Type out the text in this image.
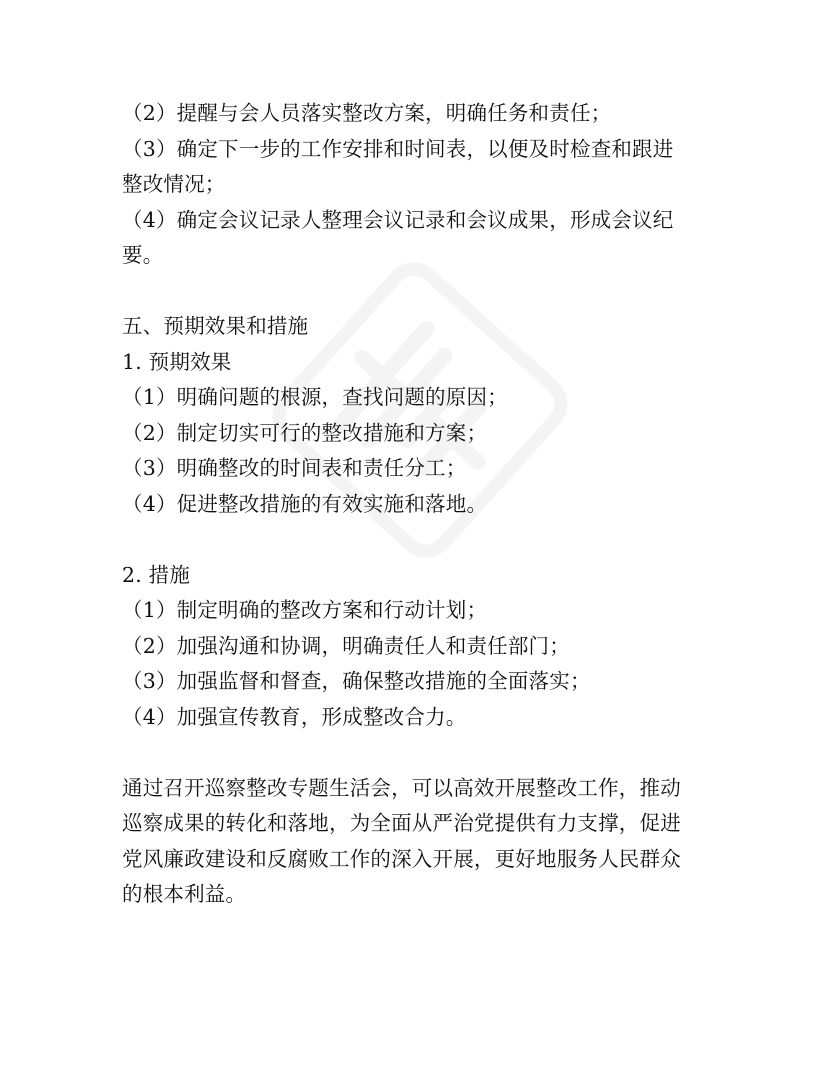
（2）提醒与会人员落实整改方案，明确任务和责任；
（3）确定下一步的工作安排和时间表，以便及时检查和跟进
整改情况；
（4）确定会议记录人整理会议记录和会议成果，形成会议纪
要。
五、预期效果和措施
1. 预期效果
（1）明确问题的根源，查找问题的原因；
（2）制定切实可行的整改措施和方案；
（3）明确整改的时间表和责任分工；
（4）促进整改措施的有效实施和落地。
2. 措施
（1）制定明确的整改方案和行动计划；
（2）加强沟通和协调，明确责任人和责任部门；
（3）加强监督和督查，确保整改措施的全面落实；
（4）加强宣传教育，形成整改合力。
通过召开巡察整改专题生活会，可以高效开展整改工作，推动
巡察成果的转化和落地，为全面从严治党提供有力支撑，促进
党风廉政建设和反腐败工作的深入开展，更好地服务人民群众
的根本利益。
